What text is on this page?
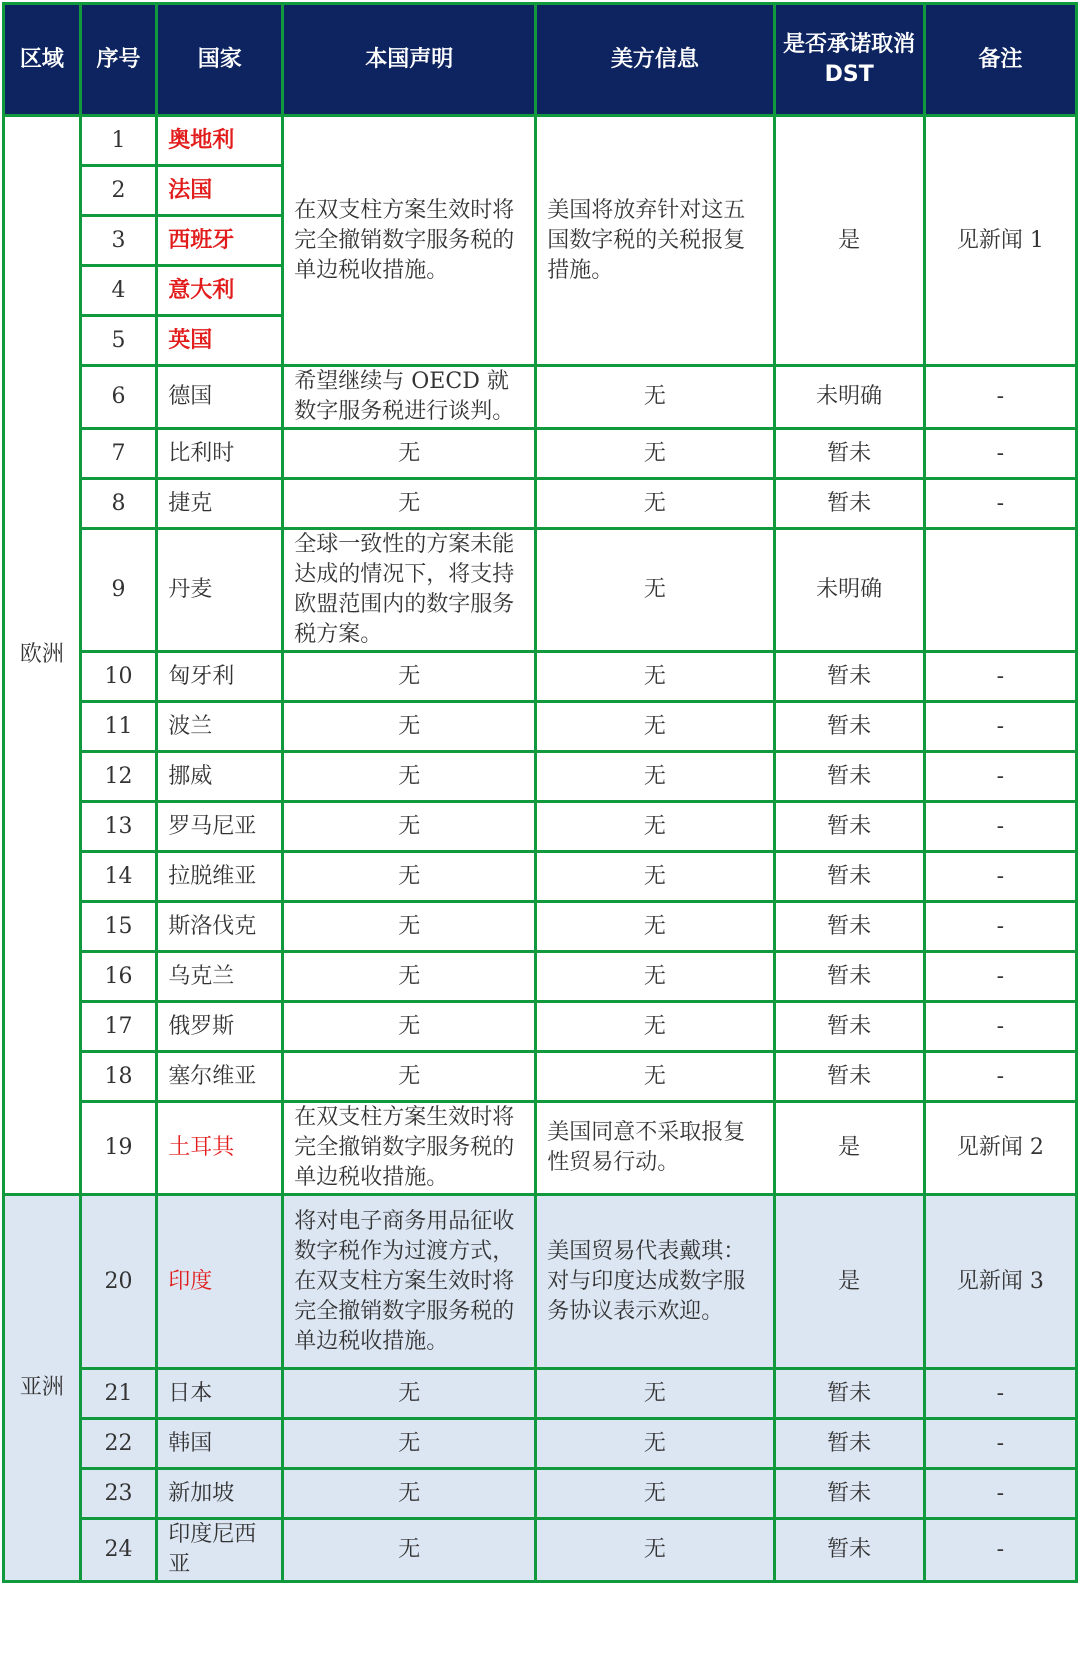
区域	序号	国家	本国声明	美方信息	是否承诺取消 DST	备注
欧洲	1	奥地利	在双支柱方案生效时将完全撤销数字服务税的单边税收措施。	美国将放弃针对这五国数字税的关税报复措施。	是	见新闻 1
	2	法国				
	3	西班牙				
	4	意大利				
	5	英国				
	6	德国	希望继续与 OECD 就数字服务税进行谈判。	无	未明确	-
	7	比利时	无	无	暂未	-
	8	捷克	无	无	暂未	-
	9	丹麦	全球一致性的方案未能达成的情况下，将支持欧盟范围内的数字服务税方案。	无	未明确	
	10	匈牙利	无	无	暂未	-
	11	波兰	无	无	暂未	-
	12	挪威	无	无	暂未	-
	13	罗马尼亚	无	无	暂未	-
	14	拉脱维亚	无	无	暂未	-
	15	斯洛伐克	无	无	暂未	-
	16	乌克兰	无	无	暂未	-
	17	俄罗斯	无	无	暂未	-
	18	塞尔维亚	无	无	暂未	-
	19	土耳其	在双支柱方案生效时将完全撤销数字服务税的单边税收措施。	美国同意不采取报复性贸易行动。	是	见新闻 2
亚洲	20	印度	将对电子商务用品征收数字税作为过渡方式，在双支柱方案生效时将完全撤销数字服务税的单边税收措施。	美国贸易代表戴琪：对与印度达成数字服务协议表示欢迎。	是	见新闻 3
	21	日本	无	无	暂未	-
	22	韩国	无	无	暂未	-
	23	新加坡	无	无	暂未	-
	24	印度尼西亚	无	无	暂未	-
